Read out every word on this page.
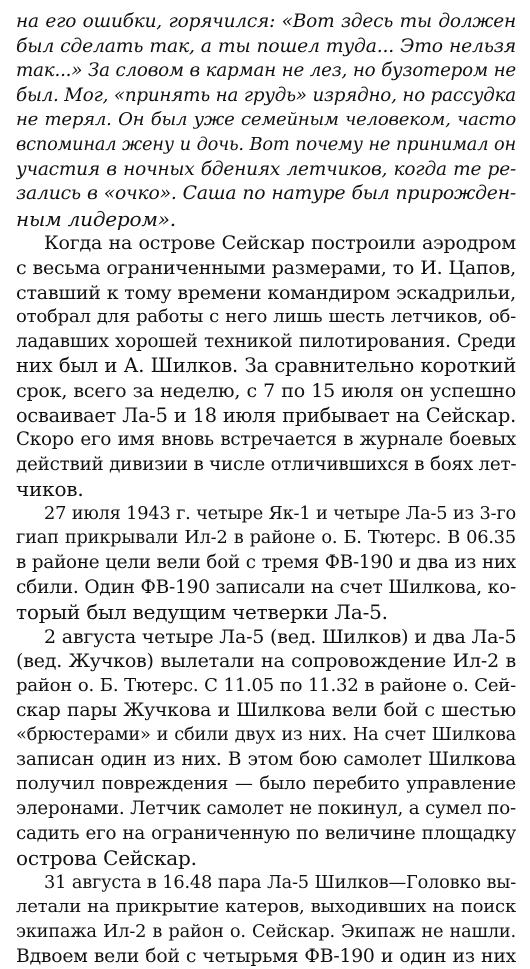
на его ошибки, горячился: «Вот здесь ты должен
был сделать так, а ты пошел туда... Это нельзя
так...» За словом в карман не лез, но бузотером не
был. Мог, «принять на грудь» изрядно, но рассудка
не терял. Он был уже семейным человеком, часто
вспоминал жену и дочь. Вот почему не принимал он
участия в ночных бдениях летчиков, когда те ре-
зались в «очко». Саша по натуре был прирожден-
ным лидером».
Когда на острове Сейскар построили аэродром
с весьма ограниченными размерами, то И. Цапов,
ставший к тому времени командиром эскадрильи,
отобрал для работы с него лишь шесть летчиков, об-
ладавших хорошей техникой пилотирования. Среди
них был и А. Шилков. За сравнительно короткий
срок, всего за неделю, с 7 по 15 июля он успешно
осваивает Ла-5 и 18 июля прибывает на Сейскар.
Скоро его имя вновь встречается в журнале боевых
действий дивизии в числе отличившихся в боях лет-
чиков.
27 июля 1943 г. четыре Як-1 и четыре Ла-5 из 3-го
гиап прикрывали Ил-2 в районе о. Б. Тютерс. В 06.35
в районе цели вели бой с тремя ФВ-190 и два из них
сбили. Один ФВ-190 записали на счет Шилкова, ко-
торый был ведущим четверки Ла-5.
2 августа четыре Ла-5 (вед. Шилков) и два Ла-5
(вед. Жучков) вылетали на сопровождение Ил-2 в
район о. Б. Тютерс. С 11.05 по 11.32 в районе о. Сей-
скар пары Жучкова и Шилкова вели бой с шестью
«брюстерами» и сбили двух из них. На счет Шилкова
записан один из них. В этом бою самолет Шилкова
получил повреждения — было перебито управление
элеронами. Летчик самолет не покинул, а сумел по-
садить его на ограниченную по величине площадку
острова Сейскар.
31 августа в 16.48 пара Ла-5 Шилков—Головко вы-
летали на прикрытие катеров, выходивших на поиск
экипажа Ил-2 в район о. Сейскар. Экипаж не нашли.
Вдвоем вели бой с четырьмя ФВ-190 и один из них
